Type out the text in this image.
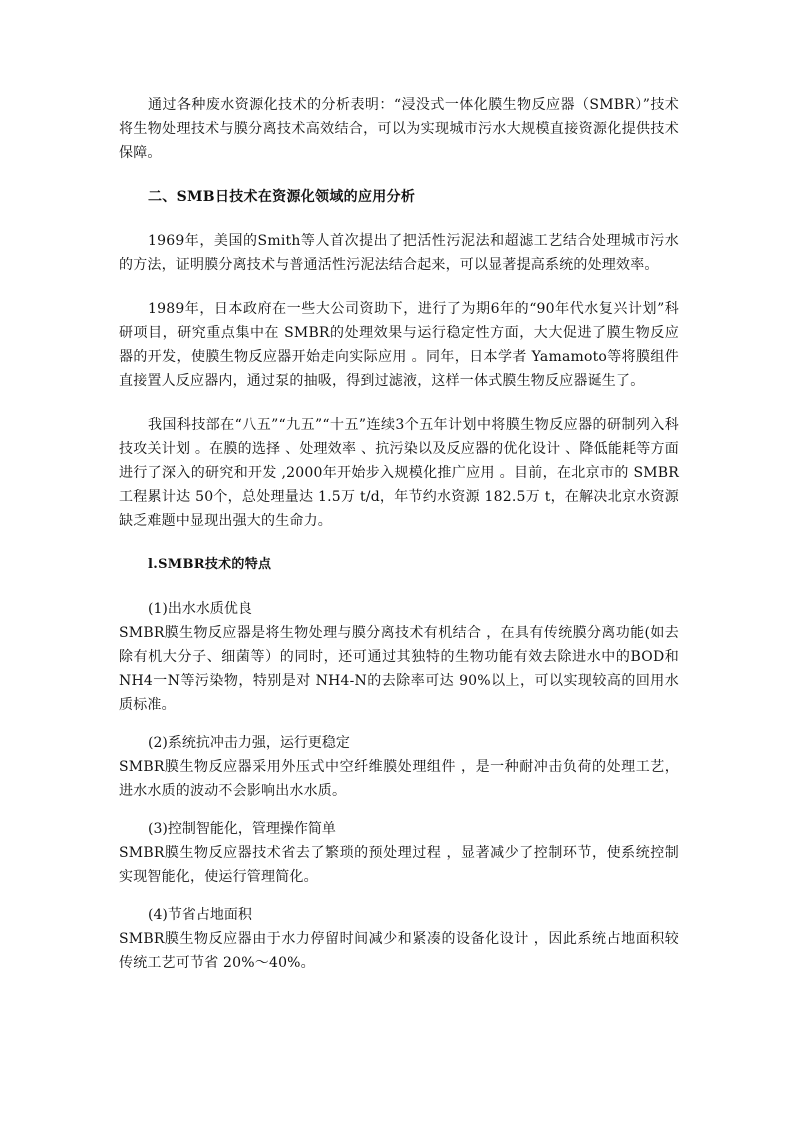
通过各种废水资源化技术的分析表明：“浸没式一体化膜生物反应器（SMBR）”技术将生物处理技术与膜分离技术高效结合，可以为实现城市污水大规模直接资源化提供技术保障。

二、SMB日技术在资源化领域的应用分析

1969年，美国的Smith等人首次提出了把活性污泥法和超滤工艺结合处理城市污水的方法，证明膜分离技术与普通活性污泥法结合起来，可以显著提高系统的处理效率。

1989年，日本政府在一些大公司资助下，进行了为期6年的“90年代水复兴计划”科研项目，研究重点集中在 SMBR的处理效果与运行稳定性方面，大大促进了膜生物反应器的开发，使膜生物反应器开始走向实际应用 。同年，日本学者 Yamamoto等将膜组件直接置人反应器内，通过泵的抽吸，得到过滤液，这样一体式膜生物反应器诞生了。

我国科技部在“八五”“九五”“十五”连续3个五年计划中将膜生物反应器的研制列入科技攻关计划 。在膜的选择 、处理效率 、抗污染以及反应器的优化设计 、降低能耗等方面进行了深入的研究和开发 ,2000年开始步入规模化推广应用 。目前，在北京市的 SMBR 工程累计达 50个，总处理量达 1.5万 t/d，年节约水资源 182.5万 t，在解决北京水资源缺乏难题中显现出强大的生命力。

l.SMBR技术的特点
(1)出水水质优良
SMBR膜生物反应器是将生物处理与膜分离技术有机结合 ，在具有传统膜分离功能(如去除有机大分子、细菌等）的同时，还可通过其独特的生物功能有效去除进水中的BOD和NH4一N等污染物，特别是对 NH4-N的去除率可达 90%以上，可以实现较高的回用水质标准。
(2)系统抗冲击力强，运行更稳定
SMBR膜生物反应器采用外压式中空纤维膜处理组件 ，是一种耐冲击负荷的处理工艺，进水水质的波动不会影响出水水质。
(3)控制智能化，管理操作简单
SMBR膜生物反应器技术省去了繁琐的预处理过程 ，显著减少了控制环节，使系统控制实现智能化，使运行管理简化。
(4)节省占地面积
SMBR膜生物反应器由于水力停留时间减少和紧凑的设备化设计 ，因此系统占地面积较传统工艺可节省 20%～40%。
